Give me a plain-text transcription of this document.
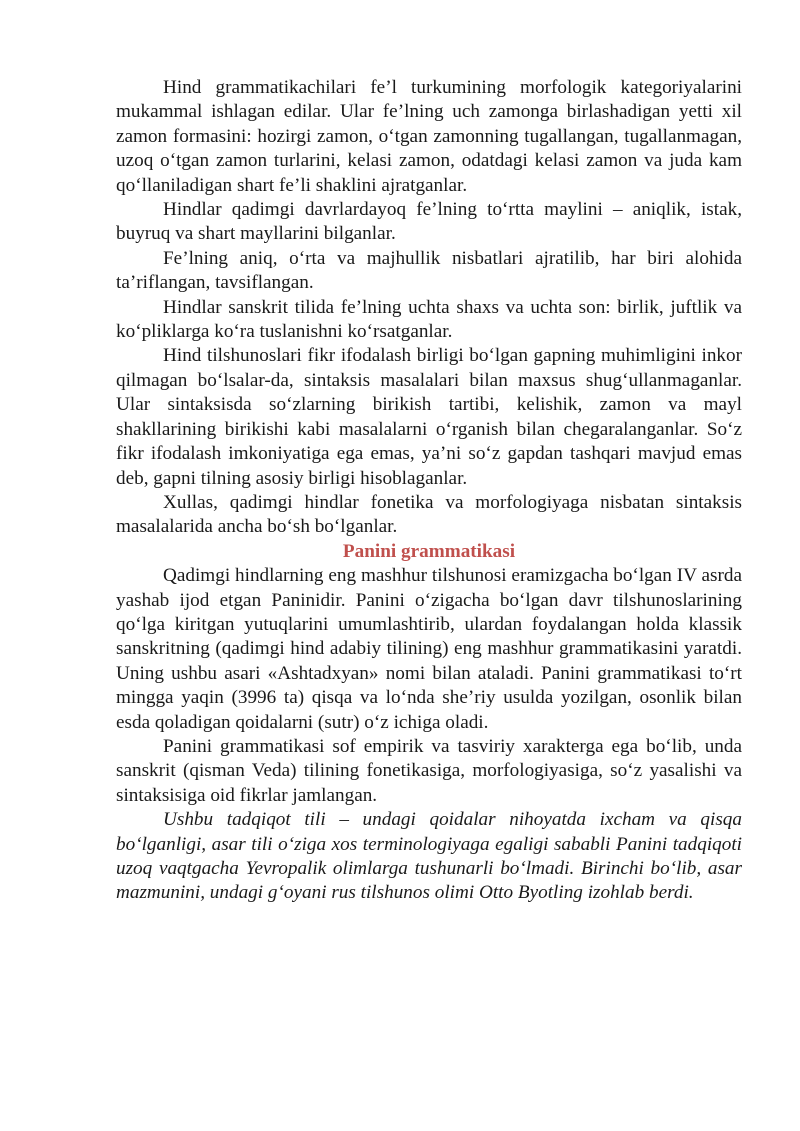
Hind grammatikachilari fe’l turkumining morfologik kategoriyalarini mukammal ishlagan edilar. Ular fe’lning uch zamonga birlashadigan yetti xil zamon formasini: hozirgi zamon, o‘tgan zamonning tugallangan, tugallanmagan, uzoq o‘tgan zamon turlarini, kelasi zamon, odatdagi kelasi zamon va juda kam qo‘llaniladigan shart fe’li shaklini ajratganlar.

Hindlar qadimgi davrlardayoq fe’lning to‘rtta maylini – aniqlik, istak, buyruq va shart mayllarini bilganlar.

Fe’lning aniq, o‘rta va majhullik nisbatlari ajratilib, har biri alohida ta’riflangan, tavsiflangan.

Hindlar sanskrit tilida fe’lning uchta shaxs va uchta son: birlik, juftlik va ko‘pliklarga ko‘ra tuslanishni ko‘rsatganlar.

Hind tilshunoslari fikr ifodalash birligi bo‘lgan gapning muhimligini inkor qilmagan bo‘lsalar-da, sintaksis masalalari bilan maxsus shug‘ullanmaganlar. Ular sintaksisda so‘zlarning birikish tartibi, kelishik, zamon va mayl shakllarining birikishi kabi masalalarni o‘rganish bilan chegaralanganlar. So‘z fikr ifodalash imkoniyatiga ega emas, ya’ni so‘z gapdan tashqari mavjud emas deb, gapni tilning asosiy birligi hisoblaganlar.

Xullas, qadimgi hindlar fonetika va morfologiyaga nisbatan sintaksis masalalarida ancha bo‘sh bo‘lganlar.

Panini grammatikasi

Qadimgi hindlarning eng mashhur tilshunosi eramizgacha bo‘lgan IV asrda yashab ijod etgan Paninidir. Panini o‘zigacha bo‘lgan davr tilshunoslarining qo‘lga kiritgan yutuqlarini umumlashtirib, ulardan foydalangan holda klassik sanskritning (qadimgi hind adabiy tilining) eng mashhur grammatikasini yaratdi. Uning ushbu asari «Ashtadxyan» nomi bilan ataladi. Panini grammatikasi to‘rt mingga yaqin (3996 ta) qisqa va lo‘nda she’riy usulda yozilgan, osonlik bilan esda qoladigan qoidalarni (sutr) o‘z ichiga oladi.

Panini grammatikasi sof empirik va tasviriy xarakterga ega bo‘lib, unda sanskrit (qisman Veda) tilining fonetikasiga, morfologiyasiga, so‘z yasalishi va sintaksisiga oid fikrlar jamlangan.

Ushbu tadqiqot tili – undagi qoidalar nihoyatda ixcham va qisqa bo‘lganligi, asar tili o‘ziga xos terminologiyaga egaligi sababli Panini tadqiqoti uzoq vaqtgacha Yevropalik olimlarga tushunarli bo‘lmadi. Birinchi bo‘lib, asar mazmunini, undagi g‘oyani rus tilshunos olimi Otto Byotling izohlab berdi.
